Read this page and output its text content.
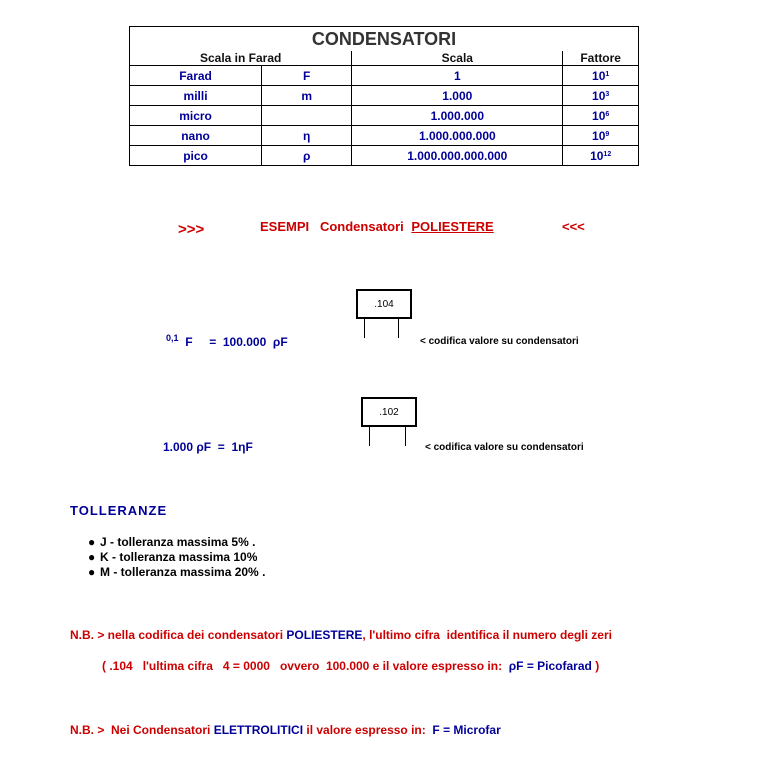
CONDENSATORI			
Scala in Farad		Scala	Fattore
Farad	F	1	$10^1$
milli	m	1.000	$10^3$
micro		1.000.000	$10^6$
nano	η	1.000.000.000	$10^9$
pico	ρ	1.000.000.000.000	$10^{12}$
>>>	ESEMPI   Condensatori POLIESTERE	<<<
.104
$^{0,1}$ F =  100.000  ρF	< codifica valore su condensatori
.102
1.000 ρF  =  1ηF	< codifica valore su condensatori
TOLLERANZE
● J - tolleranza massima 5% .
● K - tolleranza massima 10%
● M - tolleranza massima 20% .
N.B. > nella codifica dei condensatori POLIESTERE, l'ultimo cifra  identifica il numero degli zeri
( .104   l'ultima cifra   4 = 0000   ovvero  100.000 e il valore espresso in:  ρF = Picofarad )
N.B. >  Nei Condensatori ELETTROLITICI il valore espresso in:  F = Microfar
